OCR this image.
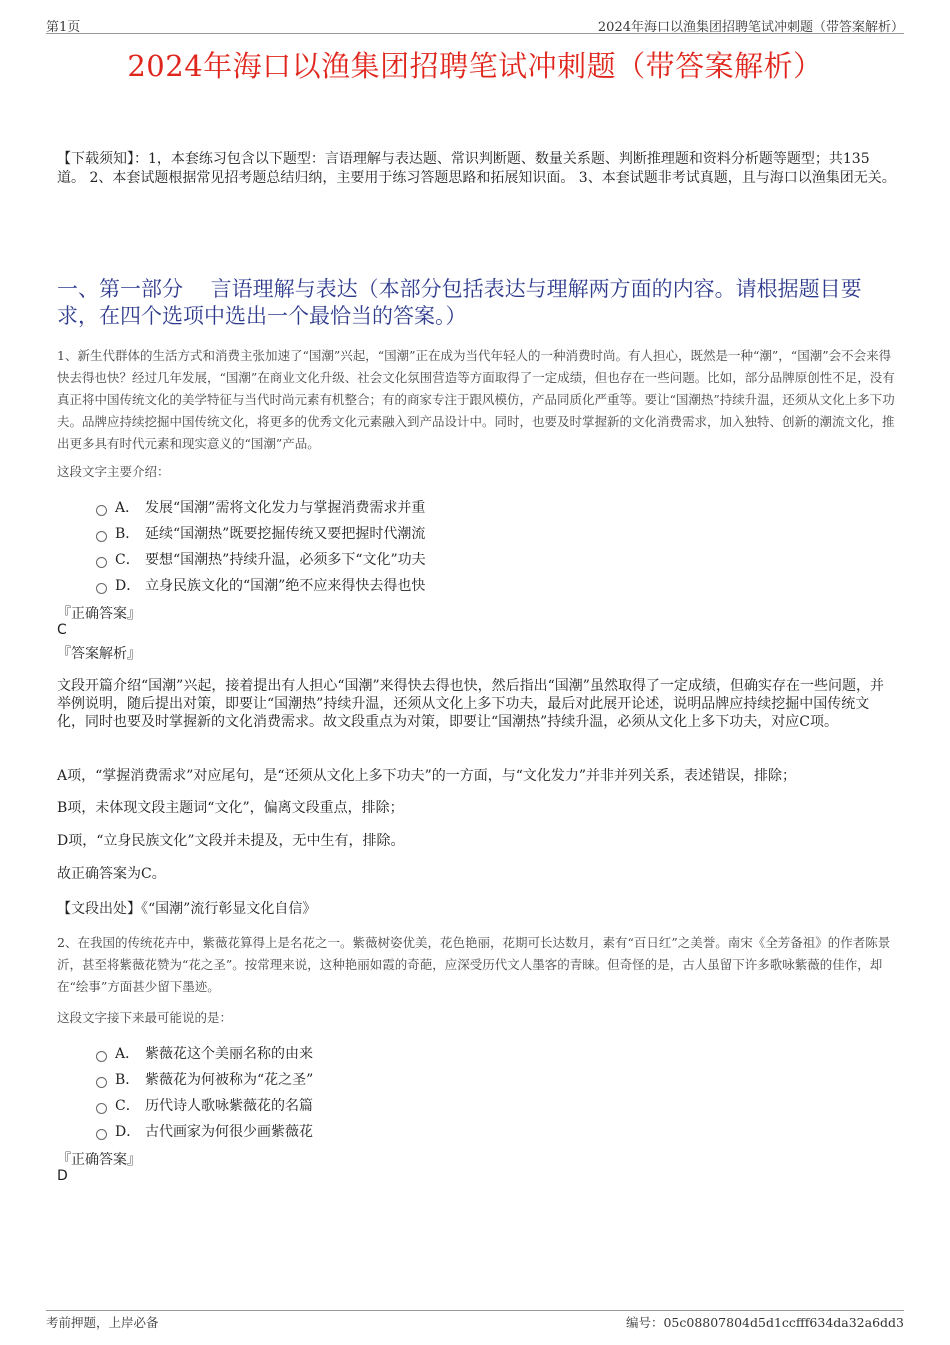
第1页	2024年海口以渔集团招聘笔试冲刺题（带答案解析）
2024年海口以渔集团招聘笔试冲刺题（带答案解析）
【下载须知】：1，本套练习包含以下题型：言语理解与表达题、常识判断题、数量关系题、判断推理题和资料分析题等题型；共135道。 2、本套试题根据常见招考题总结归纳，主要用于练习答题思路和拓展知识面。 3、本套试题非考试真题，且与海口以渔集团无关。
一、第一部分　 言语理解与表达（本部分包括表达与理解两方面的内容。请根据题目要求，在四个选项中选出一个最恰当的答案。）
1、新生代群体的生活方式和消费主张加速了“国潮”兴起，“国潮”正在成为当代年轻人的一种消费时尚。有人担心，既然是一种“潮”，“国潮”会不会来得快去得也快？经过几年发展，“国潮”在商业文化升级、社会文化氛围营造等方面取得了一定成绩，但也存在一些问题。比如，部分品牌原创性不足，没有真正将中国传统文化的美学特征与当代时尚元素有机整合；有的商家专注于跟风模仿，产品同质化严重等。要让“国潮热”持续升温，还须从文化上多下功夫。品牌应持续挖掘中国传统文化，将更多的优秀文化元素融入到产品设计中。同时，也要及时掌握新的文化消费需求，加入独特、创新的潮流文化，推出更多具有时代元素和现实意义的“国潮”产品。
这段文字主要介绍：
A． 发展“国潮”需将文化发力与掌握消费需求并重
B． 延续“国潮热”既要挖掘传统又要把握时代潮流
C． 要想“国潮热”持续升温，必须多下“文化”功夫
D． 立身民族文化的“国潮”绝不应来得快去得也快
『正确答案』
C
『答案解析』
文段开篇介绍“国潮”兴起，接着提出有人担心“国潮”来得快去得也快，然后指出“国潮”虽然取得了一定成绩，但确实存在一些问题，并举例说明，随后提出对策，即要让“国潮热”持续升温，还须从文化上多下功夫，最后对此展开论述，说明品牌应持续挖掘中国传统文化，同时也要及时掌握新的文化消费需求。故文段重点为对策，即要让“国潮热”持续升温，必须从文化上多下功夫，对应C项。
A项，“掌握消费需求”对应尾句，是“还须从文化上多下功夫”的一方面，与“文化发力”并非并列关系，表述错误，排除；
B项，未体现文段主题词“文化”，偏离文段重点，排除；
D项，“立身民族文化”文段并未提及，无中生有，排除。
故正确答案为C。
【文段出处】《“国潮”流行彰显文化自信》
2、在我国的传统花卉中，紫薇花算得上是名花之一。紫薇树姿优美，花色艳丽，花期可长达数月，素有“百日红”之美誉。南宋《全芳备祖》的作者陈景沂，甚至将紫薇花赞为“花之圣”。按常理来说，这种艳丽如霞的奇葩，应深受历代文人墨客的青睐。但奇怪的是，古人虽留下许多歌咏紫薇的佳作，却在“绘事”方面甚少留下墨迹。
这段文字接下来最可能说的是：
A． 紫薇花这个美丽名称的由来
B． 紫薇花为何被称为“花之圣”
C． 历代诗人歌咏紫薇花的名篇
D． 古代画家为何很少画紫薇花
『正确答案』
D
考前押题，上岸必备	编号：05c08807804d5d1ccfff634da32a6dd3
